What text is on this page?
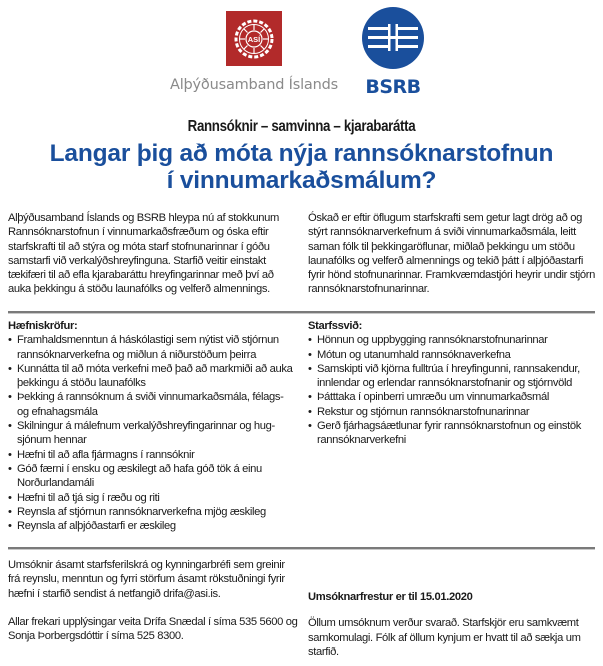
ASÍ
Alþýðusamband Íslands BSRB
Rannsóknir – samvinna – kjarabarátta
Langar þig að móta nýja rannsóknarstofnun
í vinnumarkaðsmálum?

Alþýðusamband Íslands og BSRB hleypa nú af stokkunum Rannsóknarstofnun í vinnumarkaðsfræðum og óska eftir starfskrafti til að stýra og móta starf stofnunarinnar í góðu samstarfi við verkalýðshreyfinguna. Starfið veitir einstakt tækifæri til að efla kjarabaráttu hreyfingarinnar með því að auka þekkingu á stöðu launafólks og velferð almennings.

Óskað er eftir öflugum starfskrafti sem getur lagt drög að og stýrt rannsóknarverkefnum á sviði vinnumarkaðsmála, leitt saman fólk til þekkingaröflunar, miðlað þekkingu um stöðu launafólks og velferð almennings og tekið þátt í alþjóðastarfi fyrir hönd stofnunarinnar. Framkvæmdastjóri heyrir undir stjórn rannsóknarstofnunarinnar.

Hæfniskröfur:
• Framhaldsmenntun á háskólastigi sem nýtist við stjórnun rannsóknarverkefna og miðlun á niðurstöðum þeirra
• Kunnátta til að móta verkefni með það að markmiði að auka þekkingu á stöðu launafólks
• Þekking á rannsóknum á sviði vinnumarkaðsmála, félags- og efnahagsmála
• Skilningur á málefnum verkalýðshreyfingarinnar og hug-sjónum hennar
• Hæfni til að afla fjármagns í rannsóknir
• Góð færni í ensku og æskilegt að hafa góð tök á einu Norðurlandamáli
• Hæfni til að tjá sig í ræðu og riti
• Reynsla af stjórnun rannsóknarverkefna mjög æskileg
• Reynsla af alþjóðastarfi er æskileg
Starfssvið:
• Hönnun og uppbygging rannsóknarstofnunarinnar
• Mótun og utanumhald rannsóknaverkefna
• Samskipti við kjörna fulltrúa í hreyfingunni, rannsakendur, innlendar og erlendar rannsóknarstofnanir og stjórnvöld
• Þátttaka í opinberri umræðu um vinnumarkaðsmál
• Rekstur og stjórnun rannsóknarstofnunarinnar
• Gerð fjárhagsáætlunar fyrir rannsóknarstofnun og einstök rannsóknarverkefni

Umsóknir ásamt starfsferilskrá og kynningarbréfi sem greinir frá reynslu, menntun og fyrri störfum ásamt rökstuðningi fyrir hæfni í starfið sendist á netfangið drifa@asi.is.

Allar frekari upplýsingar veita Drífa Snædal í síma 535 5600 og Sonja Þorbergsdóttir í síma 525 8300.

Umsóknarfrestur er til 15.01.2020

Öllum umsóknum verður svarað. Starfskjör eru samkvæmt samkomulagi. Fólk af öllum kynjum er hvatt til að sækja um starfið.
